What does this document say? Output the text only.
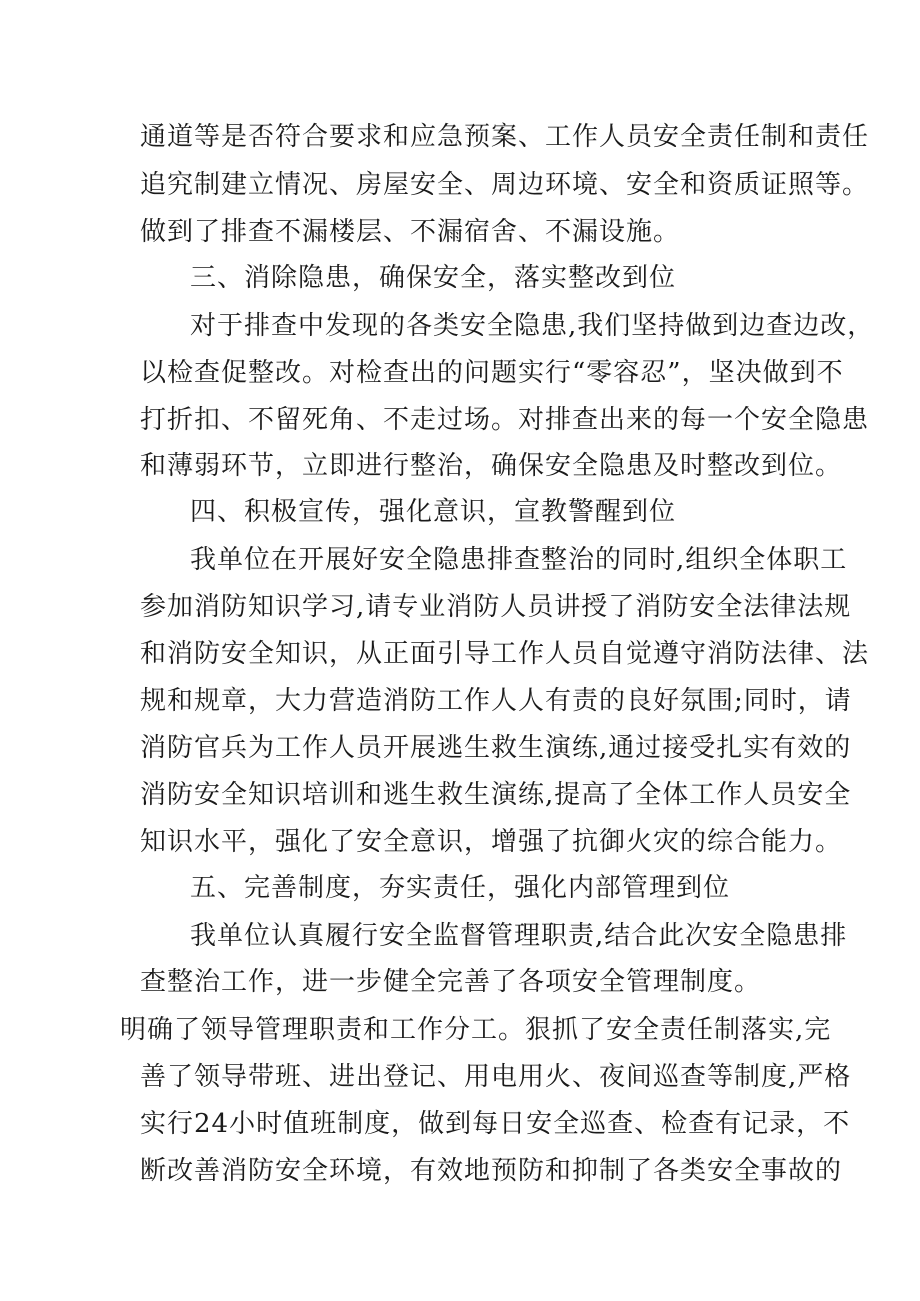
通道等是否符合要求和应急预案、工作人员安全责任制和责任
追究制建立情况、房屋安全、周边环境、安全和资质证照等。
做到了排查不漏楼层、不漏宿舍、不漏设施。
三、消除隐患，确保安全，落实整改到位
对于排查中发现的各类安全隐患,我们坚持做到边查边改，
以检查促整改。对检查出的问题实行“零容忍”，坚决做到不
打折扣、不留死角、不走过场。对排查出来的每一个安全隐患
和薄弱环节，立即进行整治，确保安全隐患及时整改到位。
四、积极宣传，强化意识，宣教警醒到位
我单位在开展好安全隐患排查整治的同时,组织全体职工
参加消防知识学习,请专业消防人员讲授了消防安全法律法规
和消防安全知识，从正面引导工作人员自觉遵守消防法律、法
规和规章，大力营造消防工作人人有责的良好氛围;同时，请
消防官兵为工作人员开展逃生救生演练,通过接受扎实有效的
消防安全知识培训和逃生救生演练,提高了全体工作人员安全
知识水平，强化了安全意识，增强了抗御火灾的综合能力。
五、完善制度，夯实责任，强化内部管理到位
我单位认真履行安全监督管理职责,结合此次安全隐患排
查整治工作，进一步健全完善了各项安全管理制度。
明确了领导管理职责和工作分工。狠抓了安全责任制落实,完
善了领导带班、进出登记、用电用火、夜间巡查等制度,严格
实行24小时值班制度，做到每日安全巡查、检查有记录，不
断改善消防安全环境，有效地预防和抑制了各类安全事故的
